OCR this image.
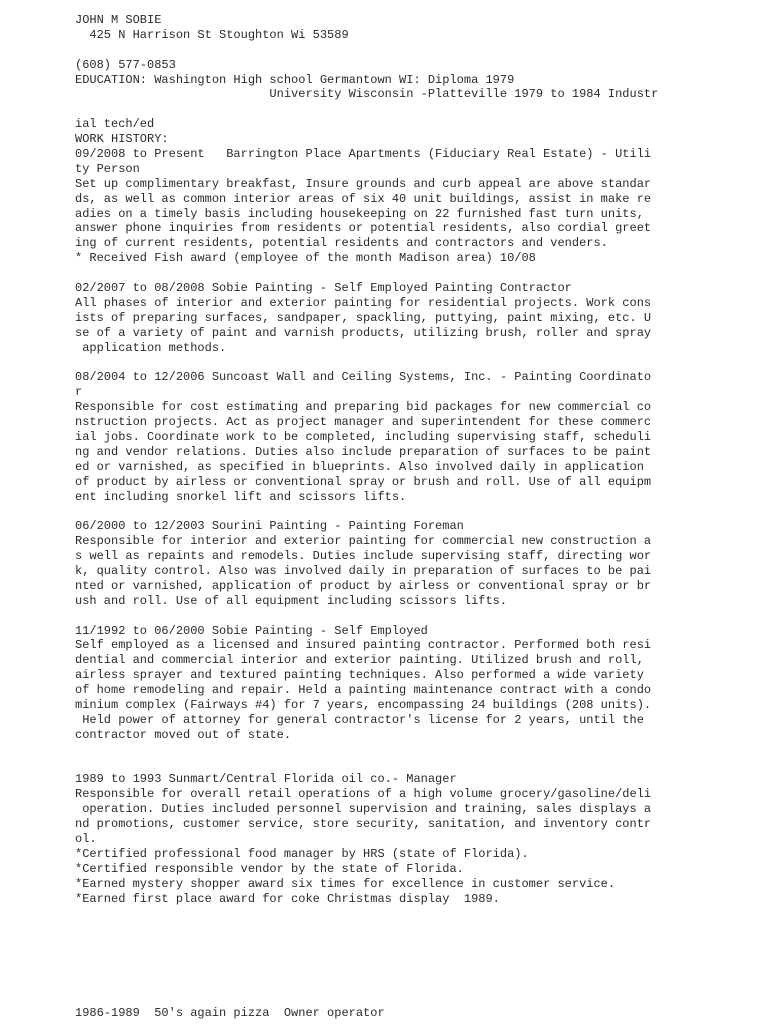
JOHN M SOBIE
425 N Harrison St Stoughton Wi 53589
(608) 577-0853
EDUCATION: Washington High school Germantown WI: Diploma 1979
University Wisconsin -Platteville 1979 to 1984 Industr
ial tech/ed
WORK HISTORY:
09/2008 to Present   Barrington Place Apartments (Fiduciary Real Estate) - Utili
ty Person
Set up complimentary breakfast, Insure grounds and curb appeal are above standar
ds, as well as common interior areas of six 40 unit buildings, assist in make re
adies on a timely basis including housekeeping on 22 furnished fast turn units,
answer phone inquiries from residents or potential residents, also cordial greet
ing of current residents, potential residents and contractors and venders.
* Received Fish award (employee of the month Madison area) 10/08
02/2007 to 08/2008 Sobie Painting - Self Employed Painting Contractor
All phases of interior and exterior painting for residential projects. Work cons
ists of preparing surfaces, sandpaper, spackling, puttying, paint mixing, etc. U
se of a variety of paint and varnish products, utilizing brush, roller and spray
application methods.
08/2004 to 12/2006 Suncoast Wall and Ceiling Systems, Inc. - Painting Coordinato
r
Responsible for cost estimating and preparing bid packages for new commercial co
nstruction projects. Act as project manager and superintendent for these commerc
ial jobs. Coordinate work to be completed, including supervising staff, scheduli
ng and vendor relations. Duties also include preparation of surfaces to be paint
ed or varnished, as specified in blueprints. Also involved daily in application
of product by airless or conventional spray or brush and roll. Use of all equipm
ent including snorkel lift and scissors lifts.
06/2000 to 12/2003 Sourini Painting - Painting Foreman
Responsible for interior and exterior painting for commercial new construction a
s well as repaints and remodels. Duties include supervising staff, directing wor
k, quality control. Also was involved daily in preparation of surfaces to be pai
nted or varnished, application of product by airless or conventional spray or br
ush and roll. Use of all equipment including scissors lifts.
11/1992 to 06/2000 Sobie Painting - Self Employed
Self employed as a licensed and insured painting contractor. Performed both resi
dential and commercial interior and exterior painting. Utilized brush and roll,
airless sprayer and textured painting techniques. Also performed a wide variety
of home remodeling and repair. Held a painting maintenance contract with a condo
minium complex (Fairways #4) for 7 years, encompassing 24 buildings (208 units).
Held power of attorney for general contractor's license for 2 years, until the
contractor moved out of state.
1989 to 1993 Sunmart/Central Florida oil co.- Manager
Responsible for overall retail operations of a high volume grocery/gasoline/deli
operation. Duties included personnel supervision and training, sales displays a
nd promotions, customer service, store security, sanitation, and inventory contr
ol.
*Certified professional food manager by HRS (state of Florida).
*Certified responsible vendor by the state of Florida.
*Earned mystery shopper award six times for excellence in customer service.
*Earned first place award for coke Christmas display  1989.
1986-1989  50's again pizza  Owner operator
